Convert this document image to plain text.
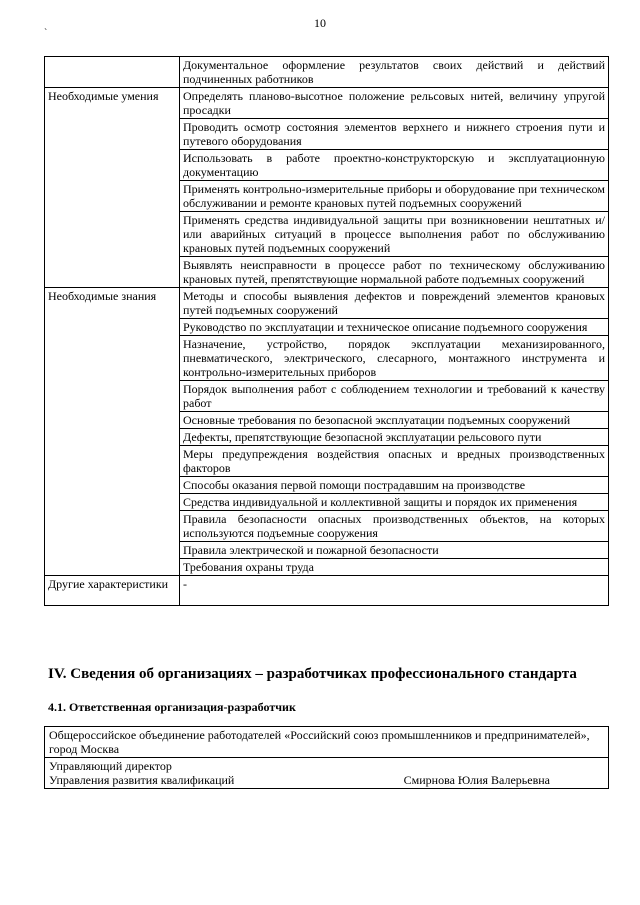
10
`
	Документальное оформление результатов своих действий и действий подчиненных работников
Необходимые умения	Определять планово-высотное положение рельсовых нитей, величину упругой просадки
	Проводить осмотр состояния элементов верхнего и нижнего строения пути и путевого оборудования
	Использовать в работе проектно-конструкторскую и эксплуатационную документацию
	Применять контрольно-измерительные приборы и оборудование при техническом обслуживании и ремонте крановых путей подъемных сооружений
	Применять средства индивидуальной защиты при возникновении нештатных и/или аварийных ситуаций в процессе выполнения работ по обслуживанию крановых путей подъемных сооружений
	Выявлять неисправности в процессе работ по техническому обслуживанию крановых путей, препятствующие нормальной работе подъемных сооружений
Необходимые знания	Методы и способы выявления дефектов и повреждений элементов крановых путей подъемных сооружений
	Руководство по эксплуатации и техническое описание подъемного сооружения
	Назначение, устройство, порядок эксплуатации механизированного, пневматического, электрического, слесарного, монтажного инструмента и контрольно-измерительных приборов
	Порядок выполнения работ с соблюдением технологии и требований к качеству работ
	Основные требования по безопасной эксплуатации подъемных сооружений
	Дефекты, препятствующие безопасной эксплуатации рельсового пути
	Меры предупреждения воздействия опасных и вредных производственных факторов
	Способы оказания первой помощи пострадавшим на производстве
	Средства индивидуальной и коллективной защиты и порядок их применения
	Правила безопасности опасных производственных объектов, на которых используются подъемные сооружения
	Правила электрической и пожарной безопасности
	Требования охраны труда
Другие характеристики	-
IV. Сведения об организациях – разработчиках профессионального стандарта
4.1. Ответственная организация-разработчик
Общероссийское объединение работодателей «Российский союз промышленников и предпринимателей», город Москва

Управляющий директор
Управления развития квалификаций	Смирнова Юлия Валерьевна
